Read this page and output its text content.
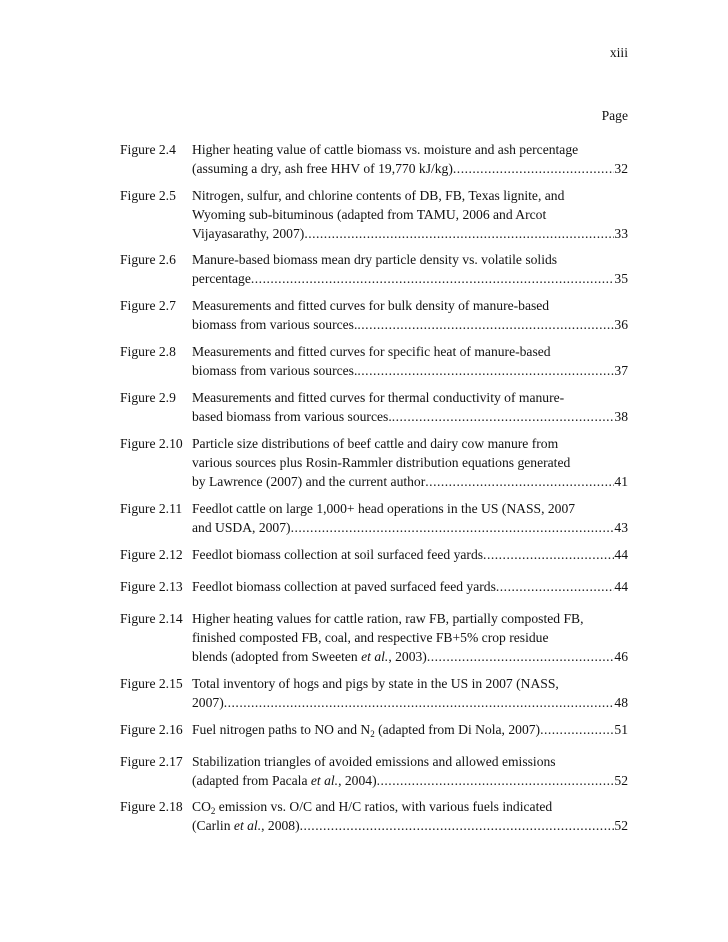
xiii
Page
Figure 2.4 Higher heating value of cattle biomass vs. moisture and ash percentage
(assuming a dry, ash free HHV of 19,770 kJ/kg) .....	32
Figure 2.5 Nitrogen, sulfur, and chlorine contents of DB, FB, Texas lignite, and
Wyoming sub-bituminous (adapted from TAMU, 2006 and Arcot
Vijayasarathy, 2007) .....	33
Figure 2.6 Manure-based biomass mean dry particle density vs. volatile solids
percentage .....	35
Figure 2.7 Measurements and fitted curves for bulk density of manure-based
biomass from various sources. .....	36
Figure 2.8 Measurements and fitted curves for specific heat of manure-based
biomass from various sources. .....	37
Figure 2.9 Measurements and fitted curves for thermal conductivity of manure-
based biomass from various sources. .....	38
Figure 2.10 Particle size distributions of beef cattle and dairy cow manure from
various sources plus Rosin-Rammler distribution equations generated
by Lawrence (2007) and the current author .....	41
Figure 2.11 Feedlot cattle on large 1,000+ head operations in the US (NASS, 2007
and USDA, 2007) .....	43
Figure 2.12 Feedlot biomass collection at soil surfaced feed yards .....	44
Figure 2.13 Feedlot biomass collection at paved surfaced feed yards .....	44
Figure 2.14 Higher heating values for cattle ration, raw FB, partially composted FB,
finished composted FB, coal, and respective FB+5% crop residue
blends (adopted from Sweeten et al., 2003) .....	46
Figure 2.15 Total inventory of hogs and pigs by state in the US in 2007 (NASS,
2007) .....	48
Figure 2.16 Fuel nitrogen paths to NO and $N_2$ (adapted from Di Nola, 2007) .....	51
Figure 2.17 Stabilization triangles of avoided emissions and allowed emissions
(adapted from Pacala et al., 2004) .....	52
Figure 2.18 $CO_2$ emission vs. O/C and H/C ratios, with various fuels indicated
(Carlin et al., 2008) .....	52
